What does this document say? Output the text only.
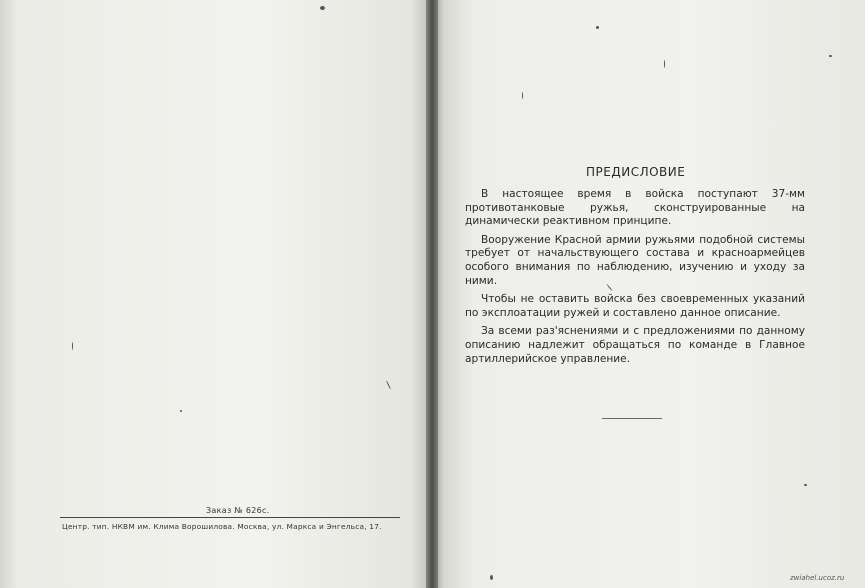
Заказ № 626с.
Центр. тип. НКВМ им. Клима Ворошилова. Москва, ул. Маркса и Энгельса, 17.
ПРЕДИСЛОВИЕ

В настоящее время в войска поступают 37-мм противотанковые ружья, сконструированные на динамически реактивном принципе.

Вооружение Красной армии ружьями подобной системы требует от начальствующего состава и красноармейцев особого внимания по наблюдению, изучению и уходу за ними.

Чтобы не оставить войска без своевременных указаний по эксплоатации ружей и составлено данное описание.

За всеми раз'яснениями и с предложениями по данному описанию надлежит обращаться по команде в Главное артиллерийское управление.

zwiahel.ucoz.ru
